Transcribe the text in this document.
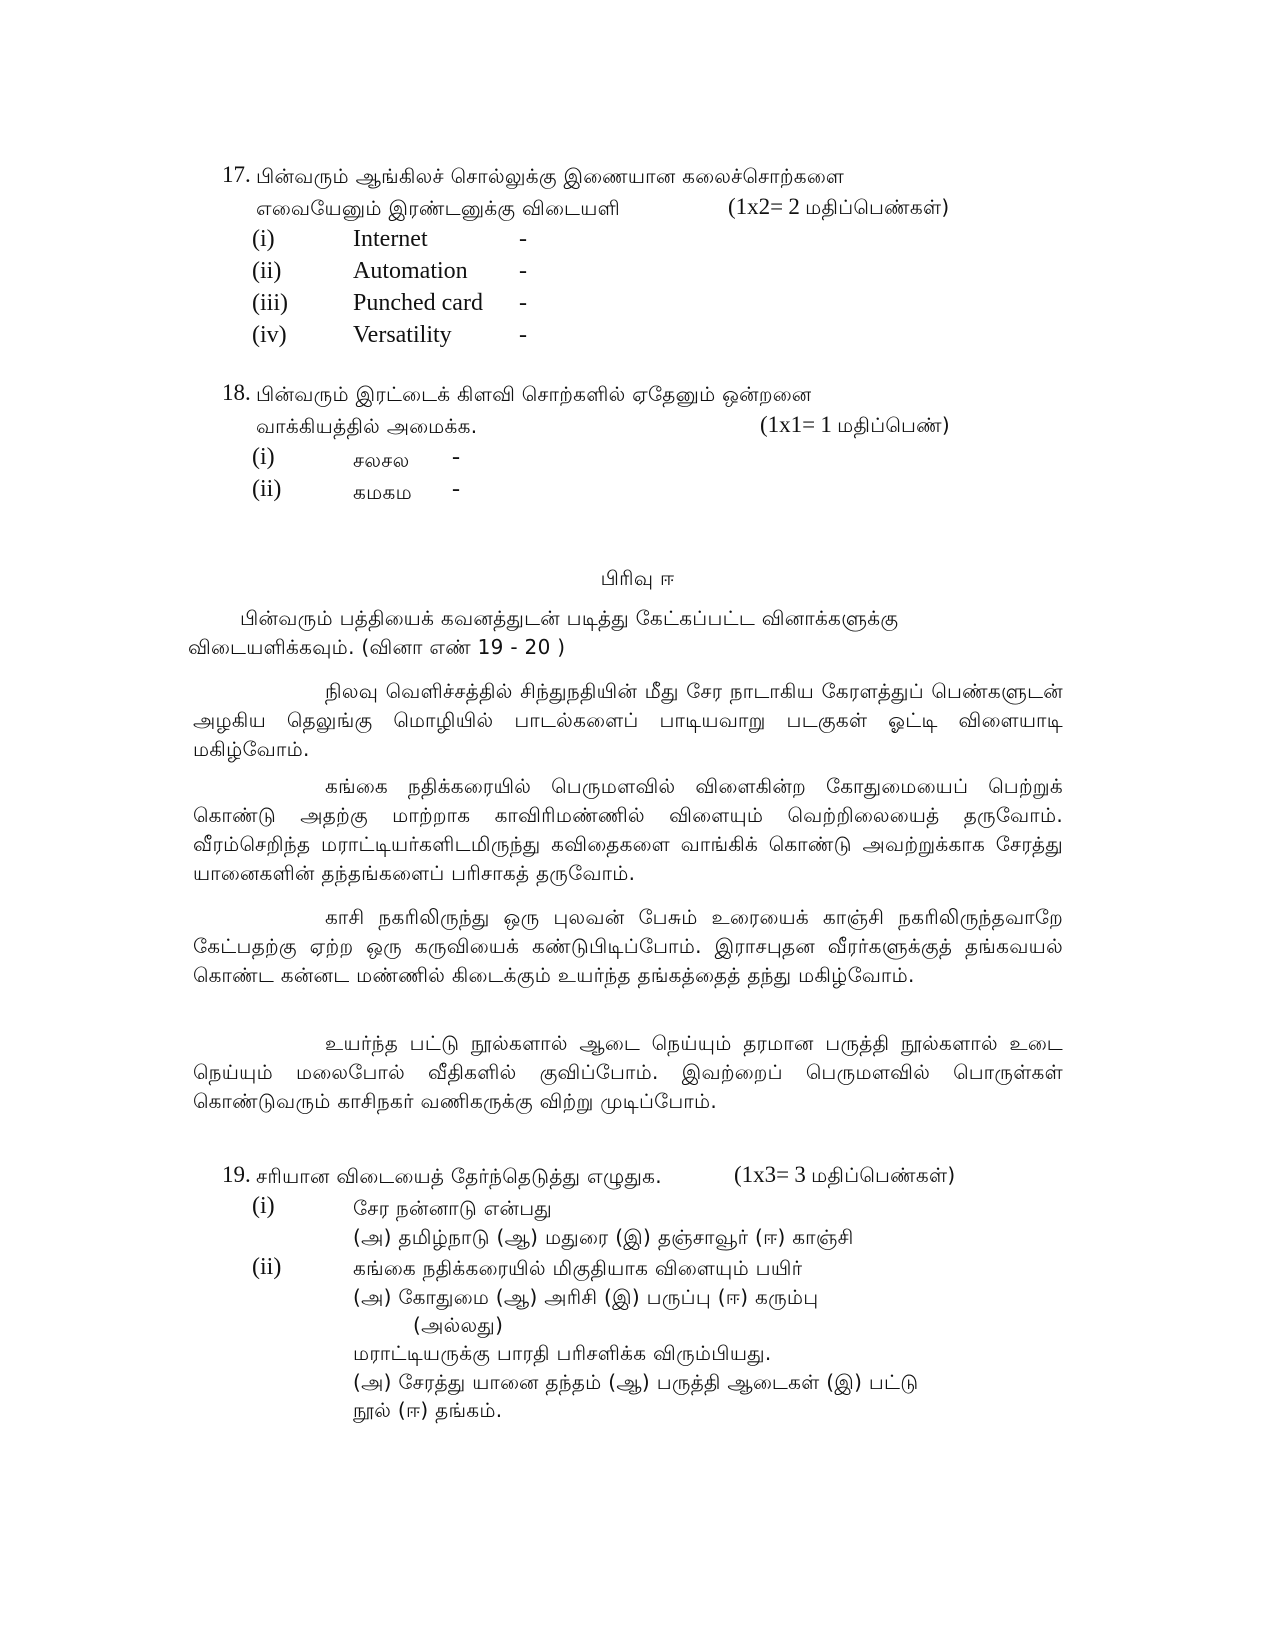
17. பின்வரும் ஆங்கிலச் சொல்லுக்கு இணையான கலைச்சொற்களை
எவையேனும் இரண்டனுக்கு விடையளி	(1x2= 2 மதிப்பெண்கள்)
(i)	Internet	-
(ii)	Automation -
(iii)	Punched card -
(iv)	Versatility	-
18. பின்வரும் இரட்டைக் கிளவி சொற்களில் ஏதேனும் ஒன்றனை
வாக்கியத்தில் அமைக்க.	(1x1= 1 மதிப்பெண்)
(i)	சலசல -
(ii)	கமகம -
பிரிவு ஈ
பின்வரும் பத்தியைக் கவனத்துடன் படித்து கேட்கப்பட்ட வினாக்களுக்கு
விடையளிக்கவும். (வினா எண் 19 - 20 )

நிலவு வெளிச்சத்தில் சிந்துநதியின் மீது சேர நாடாகிய கேரளத்துப் பெண்களுடன் அழகிய தெலுங்கு மொழியில் பாடல்களைப் பாடியவாறு படகுகள் ஓட்டி விளையாடி மகிழ்வோம்.

கங்கை நதிக்கரையில் பெருமளவில் விளைகின்ற கோதுமையைப் பெற்றுக் கொண்டு அதற்கு மாற்றாக காவிரிமண்ணில் விளையும் வெற்றிலையைத் தருவோம். வீரம்செறிந்த மராட்டியர்களிடமிருந்து கவிதைகளை வாங்கிக் கொண்டு அவற்றுக்காக சேரத்து யானைகளின் தந்தங்களைப் பரிசாகத் தருவோம்.

காசி நகரிலிருந்து ஒரு புலவன் பேசும் உரையைக் காஞ்சி நகரிலிருந்தவாறே கேட்பதற்கு ஏற்ற ஒரு கருவியைக் கண்டுபிடிப்போம். இராசபுதன வீரர்களுக்குத் தங்கவயல் கொண்ட கன்னட மண்ணில் கிடைக்கும் உயர்ந்த தங்கத்தைத் தந்து மகிழ்வோம்.

உயர்ந்த பட்டு நூல்களால் ஆடை நெய்யும் தரமான பருத்தி நூல்களால் உடை நெய்யும் மலைபோல் வீதிகளில் குவிப்போம். இவற்றைப் பெருமளவில் பொருள்கள் கொண்டுவரும் காசிநகர் வணிகருக்கு விற்று முடிப்போம்.

19. சரியான விடையைத் தேர்ந்தெடுத்து எழுதுக.	(1x3= 3 மதிப்பெண்கள்)
(i)	சேர நன்னாடு என்பது
(அ) தமிழ்நாடு (ஆ) மதுரை (இ) தஞ்சாவூர் (ஈ) காஞ்சி
(ii)	கங்கை நதிக்கரையில் மிகுதியாக விளையும் பயிர்
(அ) கோதுமை (ஆ) அரிசி (இ) பருப்பு (ஈ) கரும்பு
(அல்லது)
மராட்டியருக்கு பாரதி பரிசளிக்க விரும்பியது.
(அ) சேரத்து யானை தந்தம் (ஆ) பருத்தி ஆடைகள் (இ) பட்டு
நூல் (ஈ) தங்கம்.
